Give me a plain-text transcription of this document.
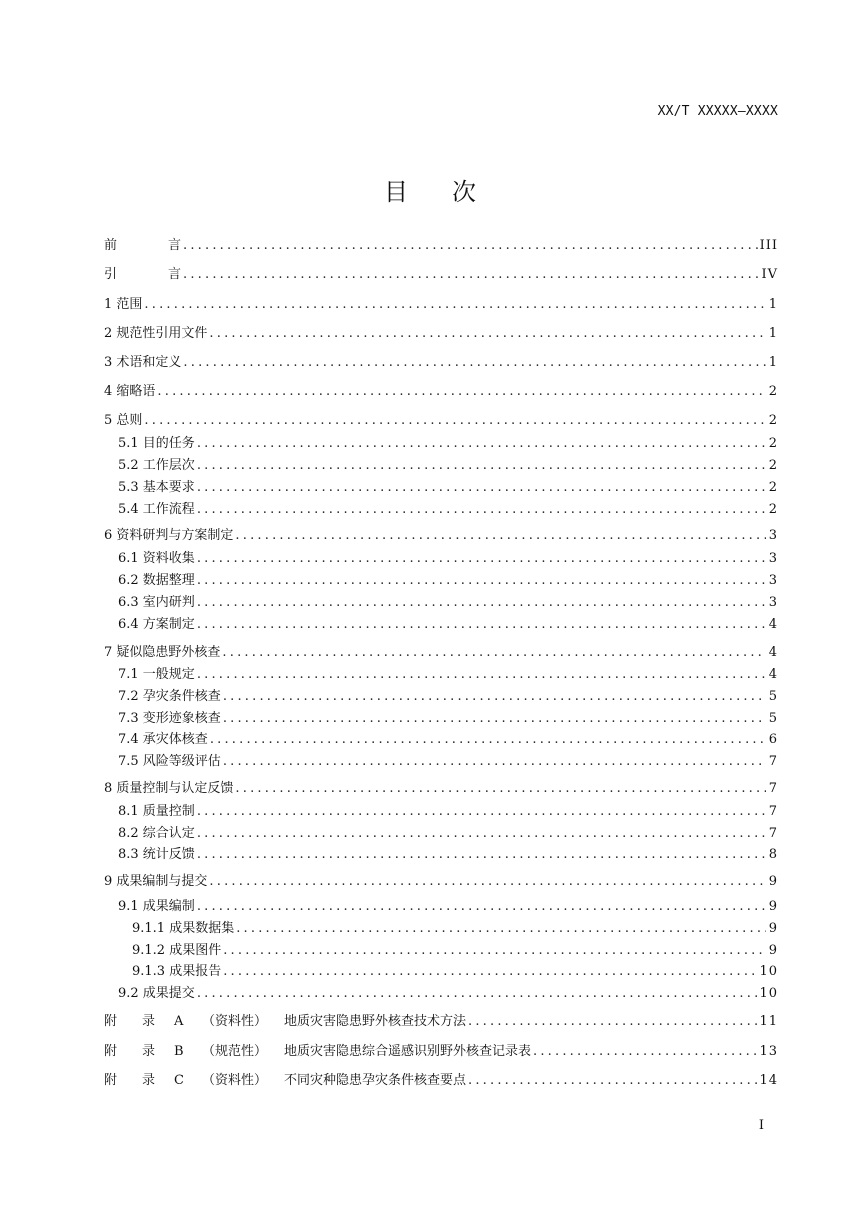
XX/T XXXXX—XXXX
目 次
前	言 .....	III
引	言 .....	IV
1 范围 .....	1
2 规范性引用文件 .....	1
3 术语和定义 .....	1
4 缩略语 .....	2
5 总则 .....	2
5.1 目的任务 .....	2
5.2 工作层次 .....	2
5.3 基本要求 .....	2
5.4 工作流程 .....	2
6 资料研判与方案制定 .....	3
6.1 资料收集 .....	3
6.2 数据整理 .....	3
6.3 室内研判 .....	3
6.4 方案制定 .....	4
7 疑似隐患野外核查 .....	4
7.1 一般规定 .....	4
7.2 孕灾条件核查 .....	5
7.3 变形迹象核查 .....	5
7.4 承灾体核查 .....	6
7.5 风险等级评估 .....	7
8 质量控制与认定反馈 .....	7
8.1 质量控制 .....	7
8.2 综合认定 .....	7
8.3 统计反馈 .....	8
9 成果编制与提交 .....	9
9.1 成果编制 .....	9
9.1.1 成果数据集 .....	9
9.1.2 成果图件 .....	9
9.1.3 成果报告 .....	10
9.2 成果提交 .....	10
附 录 A （资料性） 地质灾害隐患野外核查技术方法 .....	11
附 录 B （规范性） 地质灾害隐患综合遥感识别野外核查记录表 .....	13
附 录 C （资料性） 不同灾种隐患孕灾条件核查要点 .....	14
I
